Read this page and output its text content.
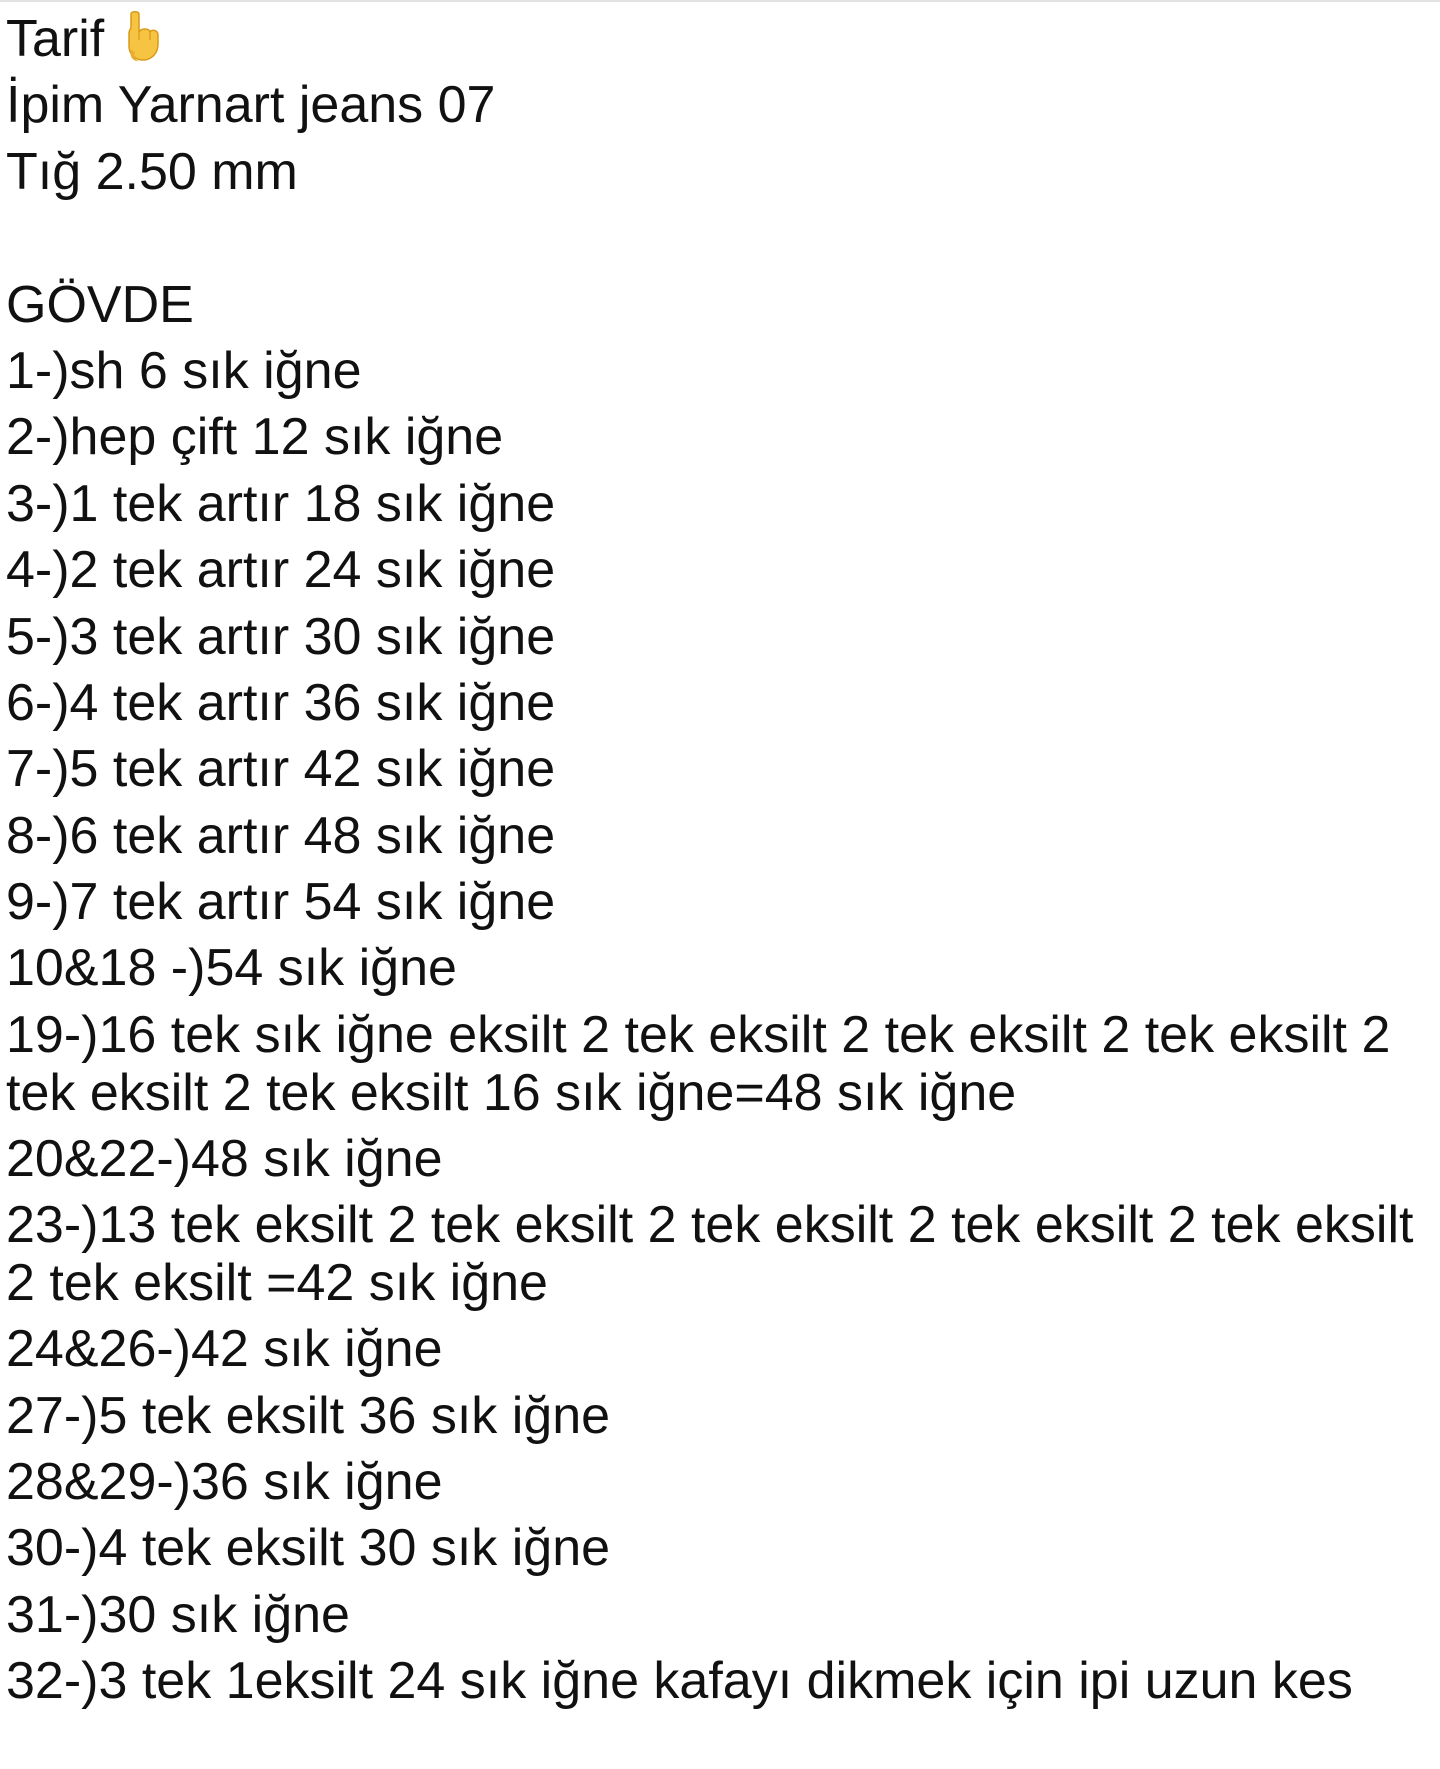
Tarif
İpim Yarnart jeans 07
Tığ 2.50 mm
GÖVDE
1-)sh 6 sık iğne
2-)hep çift 12 sık iğne
3-)1 tek artır 18 sık iğne
4-)2 tek artır 24 sık iğne
5-)3 tek artır 30 sık iğne
6-)4 tek artır 36 sık iğne
7-)5 tek artır 42 sık iğne
8-)6 tek artır 48 sık iğne
9-)7 tek artır 54 sık iğne
10&18 -)54 sık iğne
19-)16 tek sık iğne eksilt 2 tek eksilt 2 tek eksilt 2 tek eksilt 2 tek eksilt 2 tek eksilt 16 sık iğne=48 sık iğne
20&22-)48 sık iğne
23-)13 tek eksilt 2 tek eksilt 2 tek eksilt 2 tek eksilt 2 tek eksilt 2 tek eksilt =42 sık iğne
24&26-)42 sık iğne
27-)5 tek eksilt 36 sık iğne
28&29-)36 sık iğne
30-)4 tek eksilt 30 sık iğne
31-)30 sık iğne
32-)3 tek 1eksilt 24 sık iğne kafayı dikmek için ipi uzun kes
